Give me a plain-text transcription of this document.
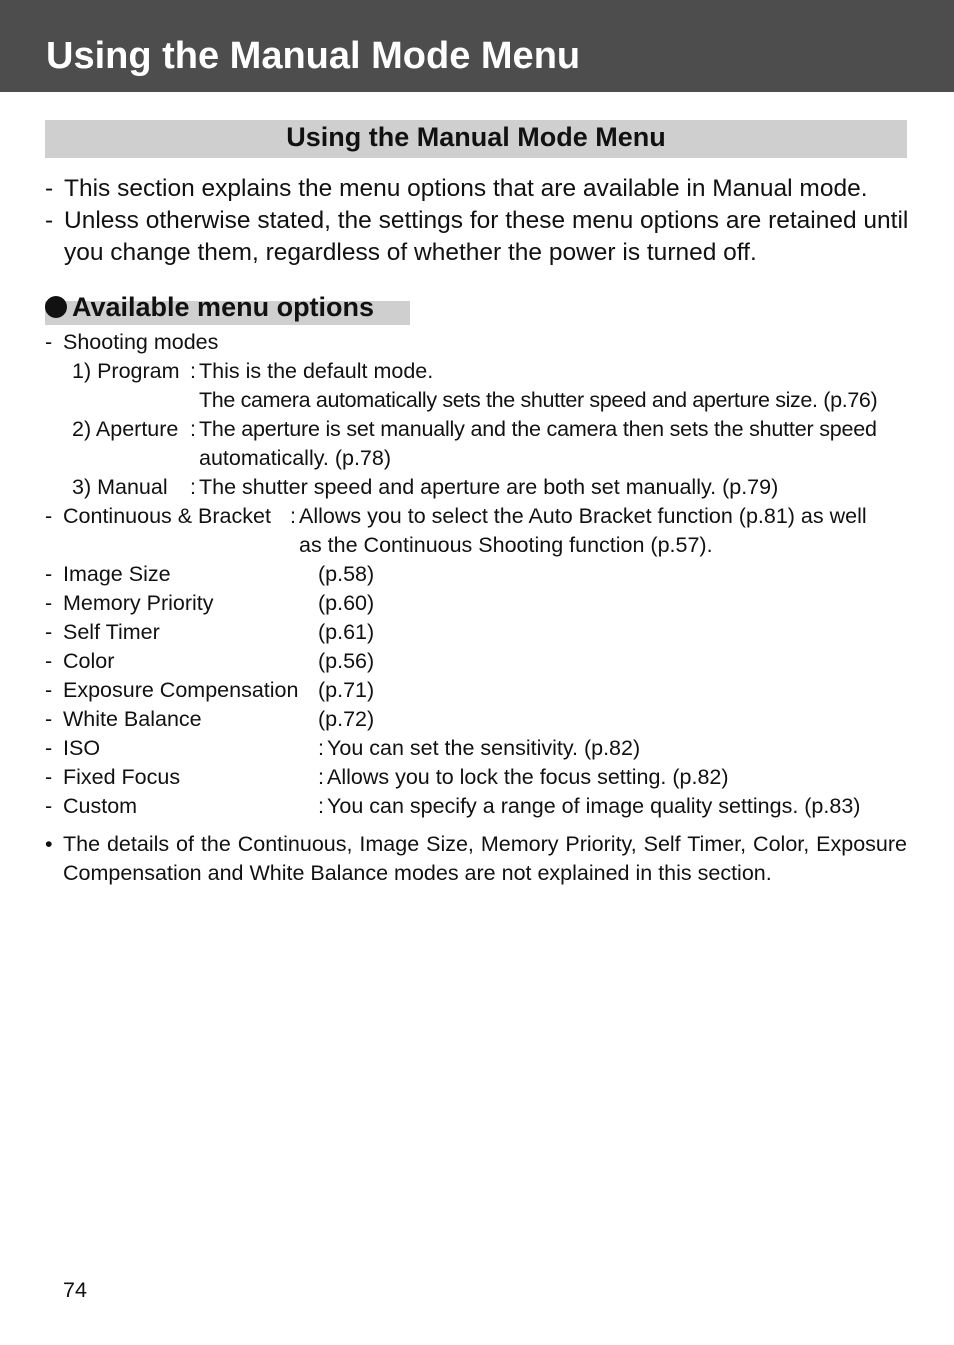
Using the Manual Mode Menu
Using the Manual Mode Menu
- This section explains the menu options that are available in Manual mode.
- Unless otherwise stated, the settings for these menu options are retained until you change them, regardless of whether the power is turned off.
Available menu options
- Shooting modes
1) Program : This is the default mode.
The camera automatically sets the shutter speed and aperture size. (p.76)
2) Aperture : The aperture is set manually and the camera then sets the shutter speed
automatically. (p.78)
3) Manual : The shutter speed and aperture are both set manually. (p.79)
- Continuous & Bracket : Allows you to select the Auto Bracket function (p.81) as well
as the Continuous Shooting function (p.57).
- Image Size	(p.58)
- Memory Priority	(p.60)
- Self Timer	(p.61)
- Color	(p.56)
- Exposure Compensation (p.71)
- White Balance	(p.72)
- ISO	: You can set the sensitivity. (p.82)
- Fixed Focus	: Allows you to lock the focus setting. (p.82)
- Custom	: You can specify a range of image quality settings. (p.83)
• The details of the Continuous, Image Size, Memory Priority, Self Timer, Color, Exposure Compensation and White Balance modes are not explained in this section.
74
